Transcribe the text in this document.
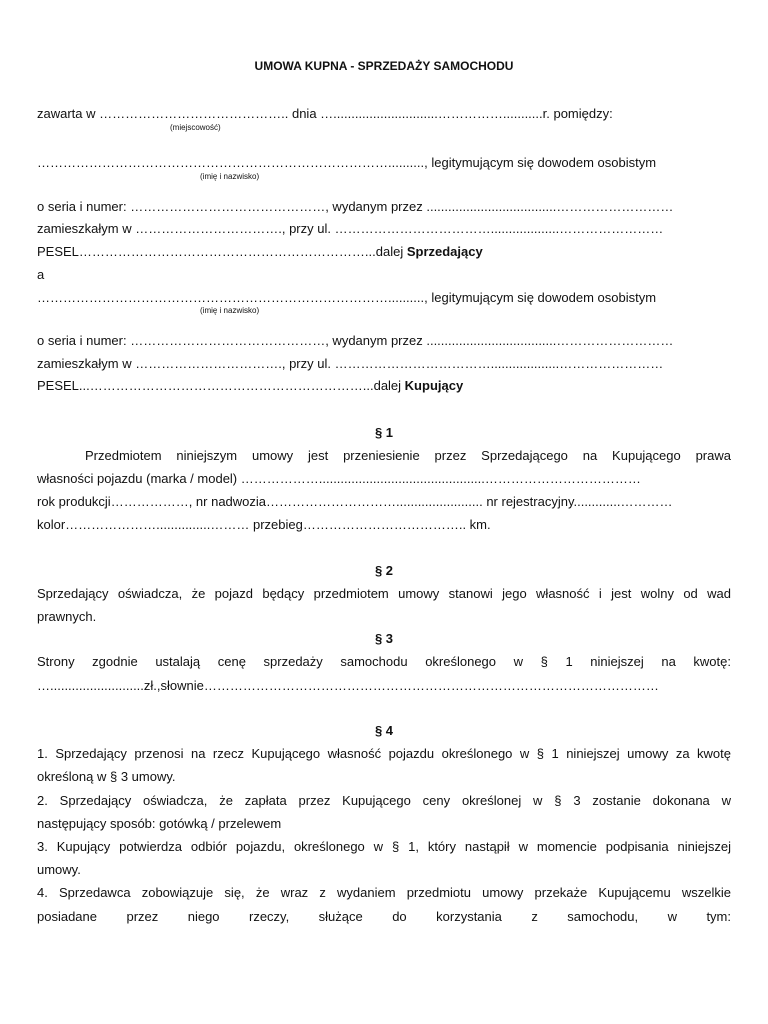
UMOWA KUPNA - SPRZEDAŻY SAMOCHODU
zawarta w …………………………………….. dnia ….............................……………...........r. pomiędzy:
(miejscowość)
……………………………………………………………………….........., legitymującym się dowodem osobistym
(imię i nazwisko)
o seria i numer: ………………………………………, wydanym przez ....................................………………………
zamieszkałym w ……………………………., przy ul. ………………………………...................……………………
PESEL…………………………………………………………...dalej Sprzedający
a
……………………………………………………………………….........., legitymującym się dowodem osobistym
(imię i nazwisko)
o seria i numer: ………………………………………, wydanym przez ....................................………………………
zamieszkałym w ……………………………., przy ul. ………………………………...................……………………
PESEL...………………………………………………………...dalej Kupujący
§ 1
Przedmiotem niniejszym umowy jest przeniesienie przez Sprzedającego na Kupującego prawa
własności pojazdu (marka / model) ………………..............................................………………………………
rok produkcji………………, nr nadwozia…………………………........................ nr rejestracyjny.............…………
kolor…………………...............……… przebieg……………………………….. km.
§ 2
Sprzedający oświadcza, że pojazd będący przedmiotem umowy stanowi jego własność i jest wolny od wad
prawnych.
§ 3
Strony zgodnie ustalają cenę sprzedaży samochodu określonego w § 1 niniejszej na kwotę:
…..........................zł.,słownie……………………………………………………………………………………………
§ 4
1. Sprzedający przenosi na rzecz Kupującego własność pojazdu określonego w § 1 niniejszej umowy za kwotę
określoną w § 3 umowy.
2. Sprzedający oświadcza, że zapłata przez Kupującego ceny określonej w § 3 zostanie dokonana w
następujący sposób: gotówką / przelewem
3. Kupujący potwierdza odbiór pojazdu, określonego w § 1, który nastąpił w momencie podpisania niniejszej
umowy.
4. Sprzedawca zobowiązuje się, że wraz z wydaniem przedmiotu umowy przekaże Kupującemu wszelkie
posiadane przez niego rzeczy, służące do korzystania z samochodu, w tym:
